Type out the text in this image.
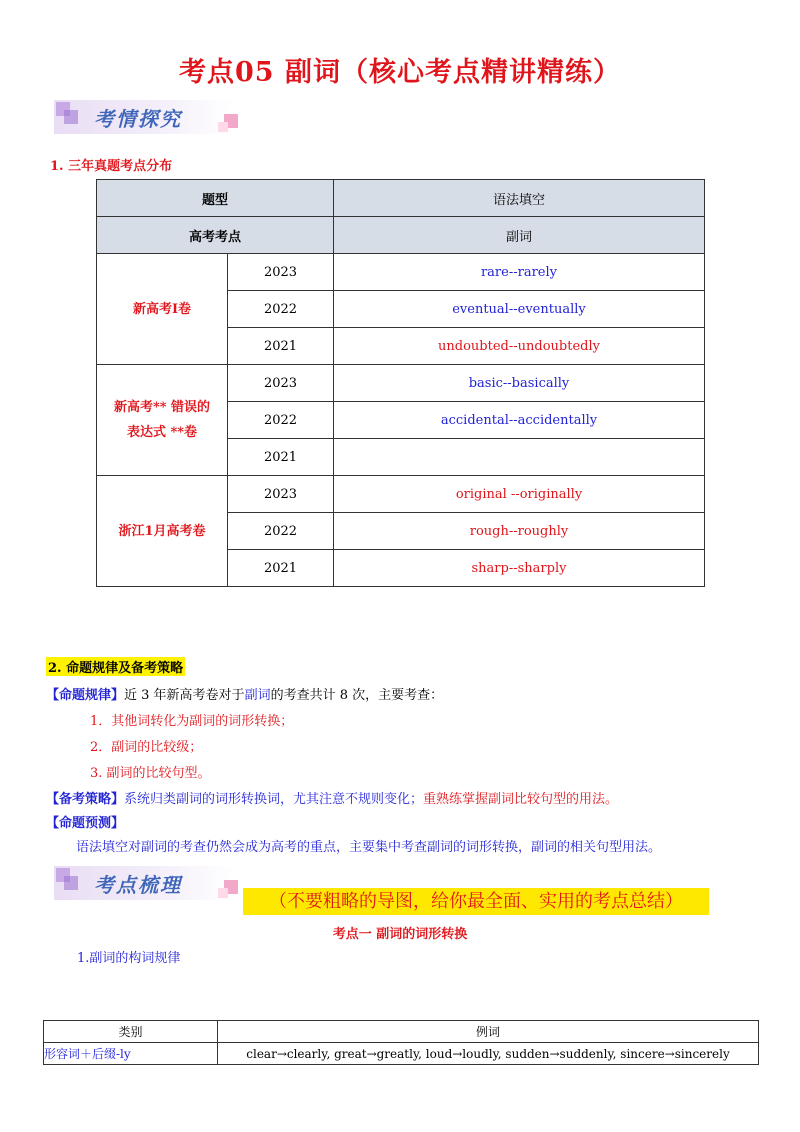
考点05 副词（核心考点精讲精练）
考情探究
1. 三年真题考点分布
题型		语法填空
高考考点		副词

新高考I卷	2023	rare--rarely
	2022	eventual--eventually
	2021	undoubted--undoubtedly

新高考** 错误的
表达式 **卷	2023	basic--basically
	2022	accidental--accidentally
	2021	

浙江1月高考卷	2023	original --originally
	2022	rough--roughly
	2021	sharp--sharply
2. 命题规律及备考策略
【命题规律】近 3 年新高考卷对于副词的考查共计 8 次，主要考查：
1．其他词转化为副词的词形转换；
2．副词的比较级；
3. 副词的比较句型。
【备考策略】系统归类副词的词形转换词，尤其注意不规则变化；重熟练掌握副词比较句型的用法。
【命题预测】
语法填空对副词的考查仍然会成为高考的重点，主要集中考查副词的词形转换，副词的相关句型用法。
考点梳理
（不要粗略的导图，给你最全面、实用的考点总结）
考点一 副词的词形转换
1.副词的构词规律
类别	例词
形容词＋后缀-ly	clear→clearly, great→greatly, loud→loudly, sudden→suddenly, sincere→sincerely
